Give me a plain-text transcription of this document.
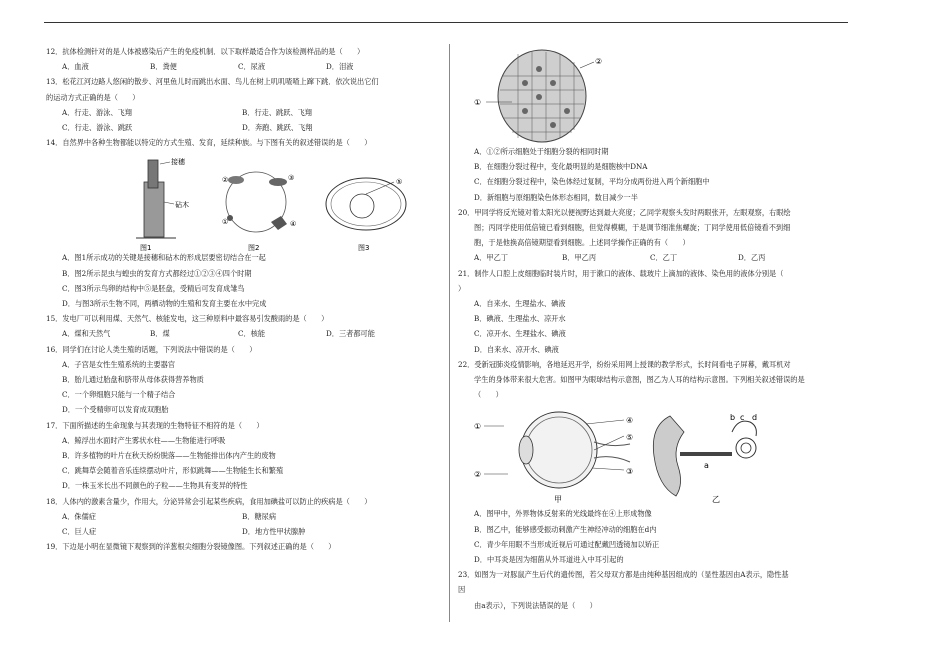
12．抗体检测针对的是人体被感染后产生的免疫机制．以下取样最适合作为该检测样品的是（　　）
A．血液	B．粪便	C．尿液	D．泪液
13．松花江河边路人悠闲的散步、河里鱼儿时而跳出水面、鸟儿在树上叽叽喳喳上蹿下跳．依次说出它们
的运动方式正确的是（　　）
A．行走、游泳、飞翔	B．行走、跳跃、飞翔
C．行走、游泳、跳跃	D．奔跑、跳跃、飞翔
14．自然界中各种生物都能以特定的方式生殖、发育，延续种族。与下图有关的叙述错误的是（　　）
接穗
砧木
图1
②	③
①	④
图2
⑤
图3
A．图1所示成功的关键是接穗和砧木的形成层要密切结合在一起
B．图2所示昆虫与蝗虫的发育方式都经过①②③④四个时期
C．图3所示鸟卵的结构中⑤是胚盘，受精后可发育成雏鸟
D．与图3所示生物不同，两栖动物的生殖和发育主要在水中完成
15．发电厂可以利用煤、天然气、核能发电，这三种原料中最容易引发酸雨的是（　　）
A．煤和天然气	B．煤	C．核能	D．三者都可能
16．同学们在讨论人类生殖的话题，下列说法中错误的是（　　）
A．子宫是女性生殖系统的主要器官
B．胎儿通过胎盘和脐带从母体获得营养物质
C．一个卵细胞只能与一个精子结合
D．一个受精卵可以发育成双胞胎
17．下面所描述的生命现象与其表现的生物特征不相符的是（　　）
A．鲸浮出水面时产生雾状水柱——生物能进行呼吸
B．许多植物的叶片在秋天纷纷脱落——生物能排出体内产生的废物
C．跳舞草会随着音乐连续摆动叶片，形似跳舞——生物能生长和繁殖
D．一株玉米长出不同颜色的子粒——生物具有变异的特性
18．人体内的激素含量少，作用大，分泌异常会引起某些疾病，食用加碘盐可以防止的疾病是（　　）
A．侏儒症	B．糖尿病
C．巨人症	D．地方性甲状腺肿
19．下边是小明在显微镜下观察到的洋葱根尖细胞分裂镜像图。下列叙述正确的是（　　）
①
②
A．①②所示细胞处于细胞分裂的相同时期
B．在细胞分裂过程中，变化最明显的是细胞核中DNA
C．在细胞分裂过程中，染色体经过复制，平均分成两份进入两个新细胞中
D．新细胞与原细胞染色体形态相同，数目减少一半
20．甲同学将反光镜对着太阳光以便视野达到最大亮度；乙同学观察头发时两眼张开，左眼观察，右眼绘
图；丙同学使用低倍镜已看到细胞，但觉得模糊，于是调节细准焦螺旋；丁同学使用低倍镜看不到细
胞，于是他换高倍镜期望看到细胞。上述同学操作正确的有（　　）
A．甲乙丁	B．甲乙丙	C．乙丁	D．乙丙
21．制作人口腔上皮细胞临时装片时，用于漱口的液体、载玻片上滴加的液体、染色用的液体分别是（
）
A．自来水、生理盐水、碘液
B．碘液、生理盐水、凉开水
C．凉开水、生理盐水、碘液
D．自来水、凉开水、碘液
22．受新冠肺炎疫情影响，各地延迟开学，纷纷采用网上授课的教学形式，长时间看电子屏幕，戴耳机对
学生的身体带来很大危害。如图甲为眼球结构示意图，图乙为人耳的结构示意图。下列相关叙述错误的是
（　　）
①
②	③
④
⑤
甲
b c d
a
乙
A．图甲中，外界物体反射来的光线最终在④上形成物像
B．图乙中，能够感受振动刺激产生神经冲动的细胞在d内
C．青少年用眼不当形成近视后可通过配戴凹透镜加以矫正
D．中耳炎是因为细菌从外耳道进入中耳引起的
23．如图为一对豚鼠产生后代的遗传图，若父母双方都是由纯种基因组成的（显性基因由A表示，隐性基
因
由a表示），下列说法错误的是（　　）
